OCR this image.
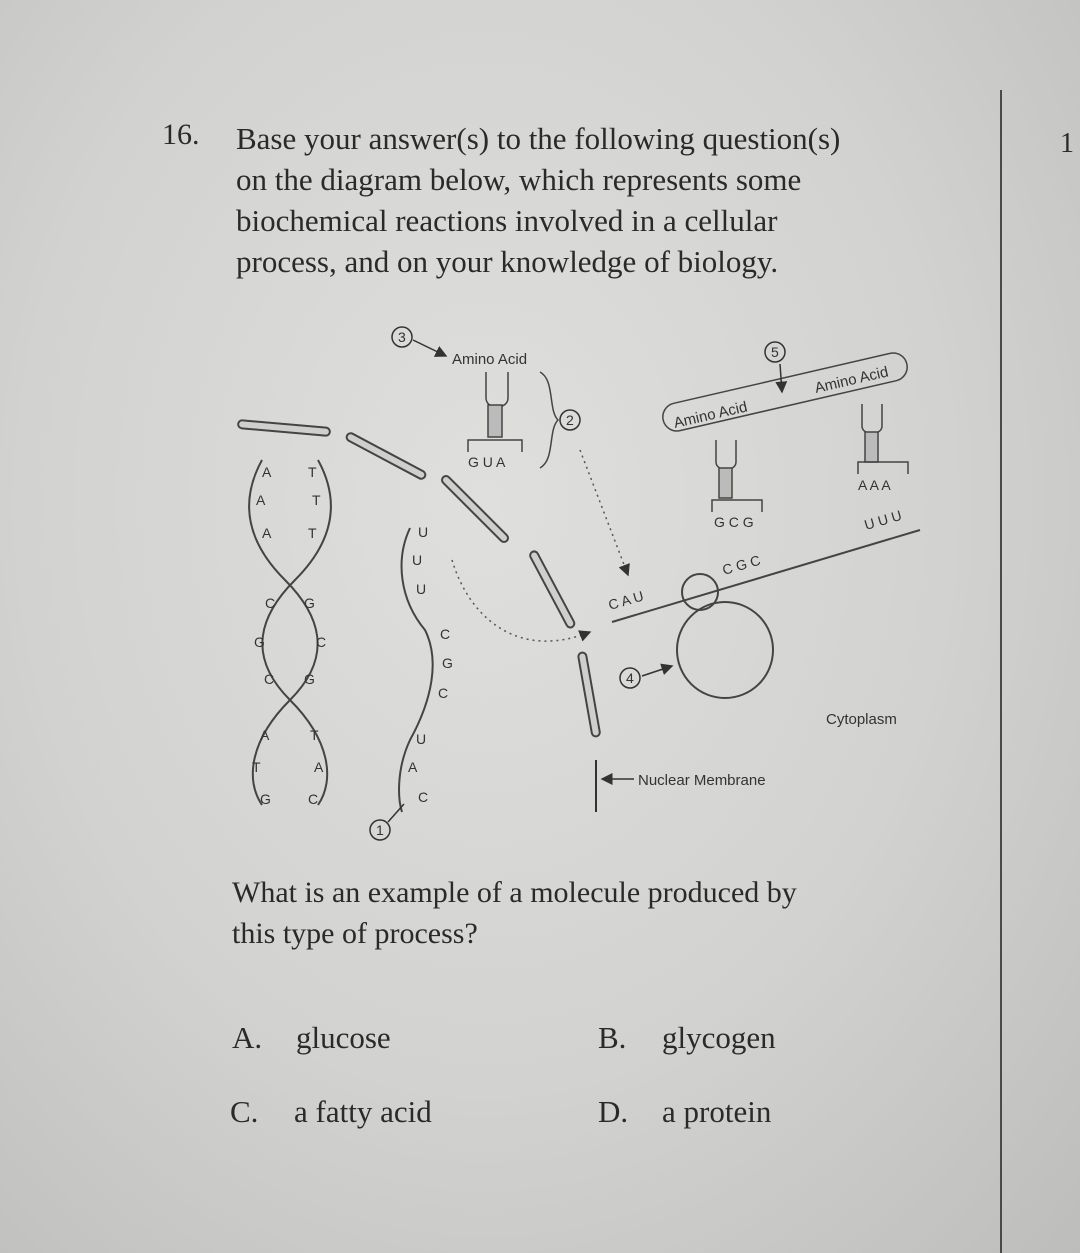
1
16. Base your answer(s) to the following question(s)
on the diagram below, which represents some
biochemical reactions involved in a cellular
process, and on your knowledge of biology.
A
A
A
C
G
C
A
T
G
T
T
T
G
C
G
T
A
C
U
U
U
C
G
C
U
A
C
1
3
Amino Acid
G U A
2	Amino Acid
Amino Acid
5
G C G
A A A
C A U
C G C
U U U
4
Nuclear Membrane
Cytoplasm
What is an example of a molecule produced by
this type of process?
A. glucose	B. glycogen
C. a fatty acid	D. a protein
